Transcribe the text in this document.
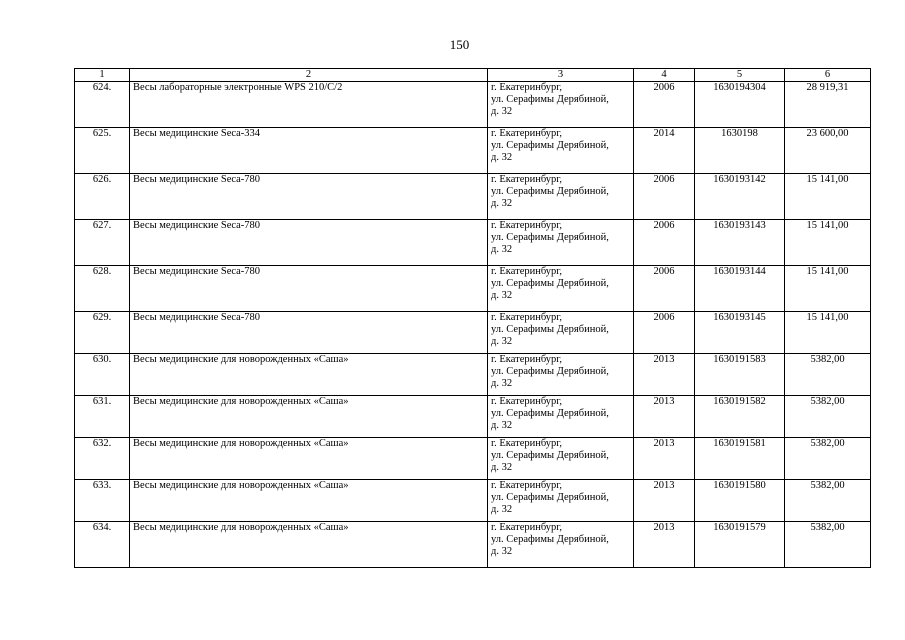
150
1	2	3	4	5	6
624.	Весы лабораторные электронные WPS 210/C/2	г. Екатеринбург,
ул. Серафимы Дерябиной,
д. 32	2006	1630194304	28 919,31
625.	Весы медицинские Seca-334	г. Екатеринбург,
ул. Серафимы Дерябиной,
д. 32	2014	1630198	23 600,00
626.	Весы медицинские Seca-780	г. Екатеринбург,
ул. Серафимы Дерябиной,
д. 32	2006	1630193142	15 141,00
627.	Весы медицинские Seca-780	г. Екатеринбург,
ул. Серафимы Дерябиной,
д. 32	2006	1630193143	15 141,00
628.	Весы медицинские Seca-780	г. Екатеринбург,
ул. Серафимы Дерябиной,
д. 32	2006	1630193144	15 141,00
629.	Весы медицинские Seca-780	г. Екатеринбург,
ул. Серафимы Дерябиной,
д. 32	2006	1630193145	15 141,00
630.	Весы медицинские для новорожденных «Саша»	г. Екатеринбург,
ул. Серафимы Дерябиной,
д. 32	2013	1630191583	5382,00
631.	Весы медицинские для новорожденных «Саша»	г. Екатеринбург,
ул. Серафимы Дерябиной,
д. 32	2013	1630191582	5382,00
632.	Весы медицинские для новорожденных «Саша»	г. Екатеринбург,
ул. Серафимы Дерябиной,
д. 32	2013	1630191581	5382,00
633.	Весы медицинские для новорожденных «Саша»	г. Екатеринбург,
ул. Серафимы Дерябиной,
д. 32	2013	1630191580	5382,00
634.	Весы медицинские для новорожденных «Саша»	г. Екатеринбург,
ул. Серафимы Дерябиной,
д. 32	2013	1630191579	5382,00
